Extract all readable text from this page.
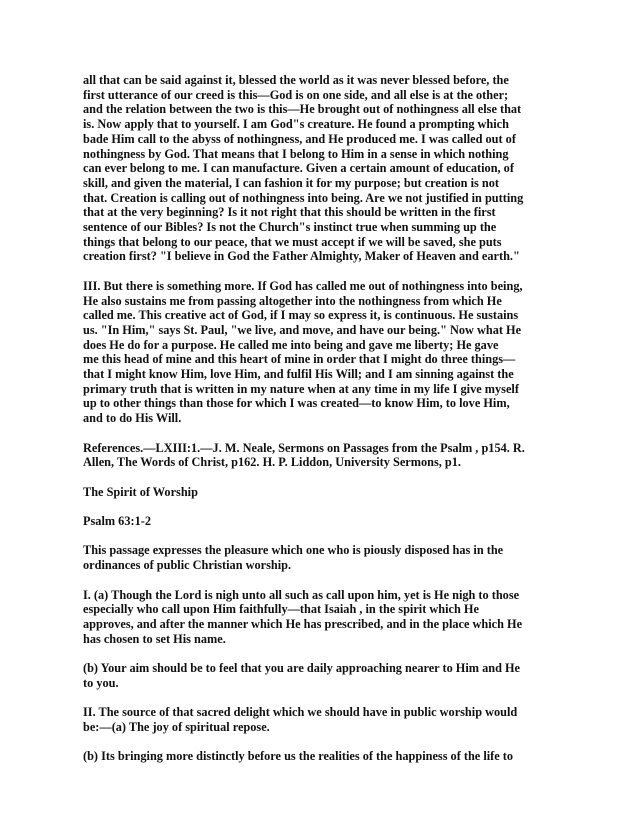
all that can be said against it, blessed the world as it was never blessed before, the
first utterance of our creed is this—God is on one side, and all else is at the other;
and the relation between the two is this—He brought out of nothingness all else that
is. Now apply that to yourself. I am God"s creature. He found a prompting which
bade Him call to the abyss of nothingness, and He produced me. I was called out of
nothingness by God. That means that I belong to Him in a sense in which nothing
can ever belong to me. I can manufacture. Given a certain amount of education, of
skill, and given the material, I can fashion it for my purpose; but creation is not
that. Creation is calling out of nothingness into being. Are we not justified in putting
that at the very beginning? Is it not right that this should be written in the first
sentence of our Bibles? Is not the Church"s instinct true when summing up the
things that belong to our peace, that we must accept if we will be saved, she puts
creation first? "I believe in God the Father Almighty, Maker of Heaven and earth."

III. But there is something more. If God has called me out of nothingness into being,
He also sustains me from passing altogether into the nothingness from which He
called me. This creative act of God, if I may so express it, is continuous. He sustains
us. "In Him," says St. Paul, "we live, and move, and have our being." Now what He
does He do for a purpose. He called me into being and gave me liberty; He gave
me this head of mine and this heart of mine in order that I might do three things—
that I might know Him, love Him, and fulfil His Will; and I am sinning against the
primary truth that is written in my nature when at any time in my life I give myself
up to other things than those for which I was created—to know Him, to love Him,
and to do His Will.

References.—LXIII:1.—J. M. Neale, Sermons on Passages from the Psalm , p154. R.
Allen, The Words of Christ, p162. H. P. Liddon, University Sermons, p1.

The Spirit of Worship

Psalm 63:1-2

This passage expresses the pleasure which one who is piously disposed has in the
ordinances of public Christian worship.

I. (a) Though the Lord is nigh unto all such as call upon him, yet is He nigh to those
especially who call upon Him faithfully—that Isaiah , in the spirit which He
approves, and after the manner which He has prescribed, and in the place which He
has chosen to set His name.

(b) Your aim should be to feel that you are daily approaching nearer to Him and He
to you.

II. The source of that sacred delight which we should have in public worship would
be:—(a) The joy of spiritual repose.

(b) Its bringing more distinctly before us the realities of the happiness of the life to
